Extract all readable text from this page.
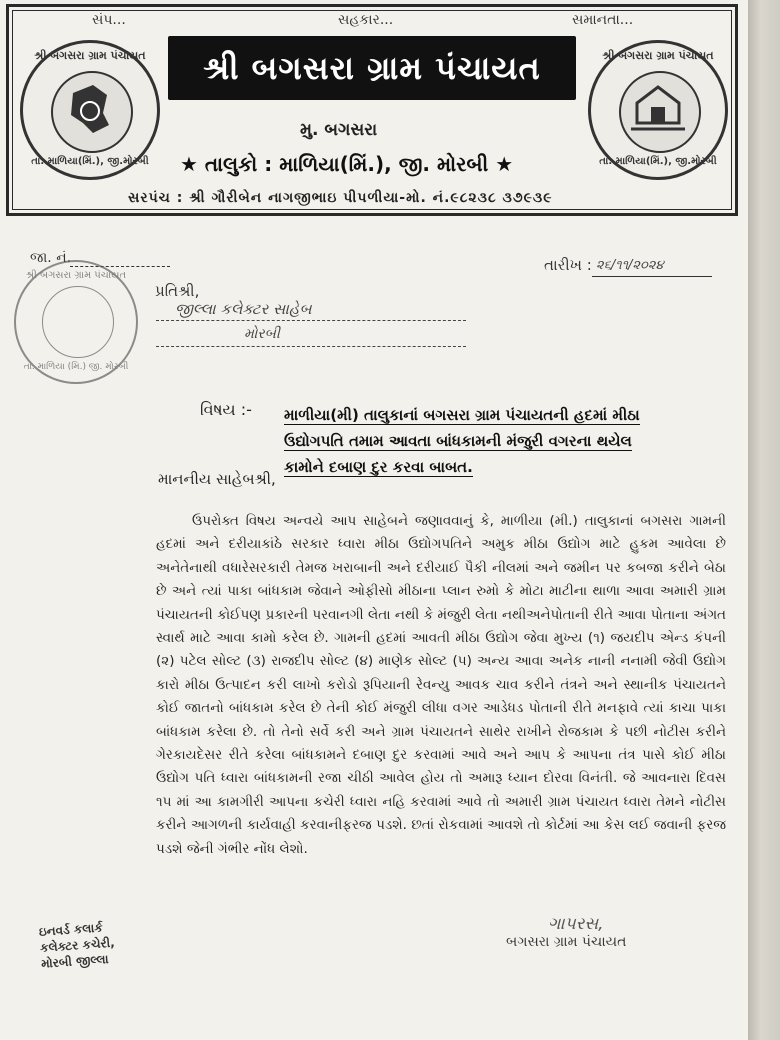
સંપ...	સહકાર...	સમાનતા...
શ્રી બગસરા ગ્રામ પંચાયત
શ્રી બગસરા ગ્રામ પંચાયત
તા. માળિયા(મિં.), જી.મોરબી
શ્રી બગસરા ગ્રામ પંચાયત
તા. માળિયા(મિં.), જી.મોરબી
મુ. બગસરા
★ તાલુકો : માળિયા(મિં.), જી. મોરબી ★
સરપંચ : શ્રી ગૌરીબેન નાગજીભાઇ પીપળીયા-મો. નં.૯૮૨૩૮ ૩૭૯૩૯
જા. નં.	તારીખ : ૨૬/૧૧/૨૦૨૪
શ્રી બગસરા ગ્રામ પંચાયત
તા. માળિયા (મિ.) જી. મોરબી
પ્રતિશ્રી,
જીલ્લા કલેક્ટર સાહેબ
મોરબી
વિષય :- માળીયા(મી) તાલુકાનાં બગસરા ગ્રામ પંચાયતની હદમાં મીઠા
ઉદ્યોગપતિ તમામ આવતા બાંધકામની મંજુરી વગરના થયેલ
કામોને દબાણ દુર કરવા બાબત.
માનનીય સાહેબશ્રી,
ઉપરોક્ત વિષય અન્વયે આપ સાહેબને જણાવવાનું કે, માળીયા (મી.) તાલુકાનાં બગસરા ગામની હદમાં અને દરીયાકાંઠે સરકાર ધ્વારા મીઠા ઉદ્યોગપતિને અમુક મીઠા ઉદ્યોગ માટે હુકમ આવેલા છે અનેતેનાથી વધારેસરકારી તેમજ ખરાબાની અને દરીયાઈ પૈકી નીલમાં અને જમીન પર કબજા કરીને બેઠા છે અને ત્યાં પાકા બાંધકામ જેવાને ઓફીસો મીઠાના પ્લાન રુમો કે મોટા માટીના થાળા આવા અમારી ગ્રામ પંચાયતની કોઈપણ પ્રકારની પરવાનગી લેતા નથી કે મંજુરી લેતા નથીઅનેપોતાની રીતે આવા પોતાના અંગત સ્વાર્થ માટે આવા કામો કરેલ છે. ગામની હદમાં આવતી મીઠા ઉદ્યોગ જેવા મુખ્ય (૧) જયદીપ એન્ડ કંપની (૨) પટેલ સોલ્ટ (૩) રાજદીપ સોલ્ટ (૪) માણેક સોલ્ટ (૫) અન્ય આવા અનેક નાની નનામી જેવી ઉદ્યોગ કારો મીઠા ઉત્પાદન કરી લાખો કરોડો રૂપિયાની રેવન્યુ આવક ચાવ કરીને તંત્રને અને સ્થાનીક પંચાયતને કોઈ જાતનો બાંધકામ કરેલ છે તેની કોઈ મંજુરી લીધા વગર આડેધડ પોતાની રીતે મનફાવે ત્યાં કાચા પાકા બાંધકામ કરેલા છે. તો તેનો સર્વે કરી અને ગ્રામ પંચાયતને સાથેર રાખીને રોજકામ કે પછી નોટીસ કરીને ગેરકાયદેસર રીતે કરેલા બાંધકામને દબાણ દુર કરવામાં આવે અને આપ કે આપના તંત્ર પાસે કોઈ મીઠા ઉદ્યોગ પતિ ધ્વારા બાંધકામની રજા ચીઠી આવેલ હોય તો અમારૂ ધ્યાન દોરવા વિનંતી. જે આવનારા દિવસ ૧૫ માં આ કામગીરી આપના કચેરી ધ્વારા નહિ કરવામાં આવે તો અમારી ગ્રામ પંચાયત ધ્વારા તેમને નોટીસ કરીને આગળની કાર્યવાહી કરવાનીફરજ પડશે. છતાં રોકવામાં આવશે તો કોર્ટમાં આ કેસ લઈ જવાની ફરજ પડશે જેની ગંભીર નોંધ લેશો.
ગાપરસ,
બગસરા ગ્રામ પંચાયત
ઇનવર્ડ કલાર્ક
કલેક્ટર કચેરી,
મોરબી જીલ્લા
